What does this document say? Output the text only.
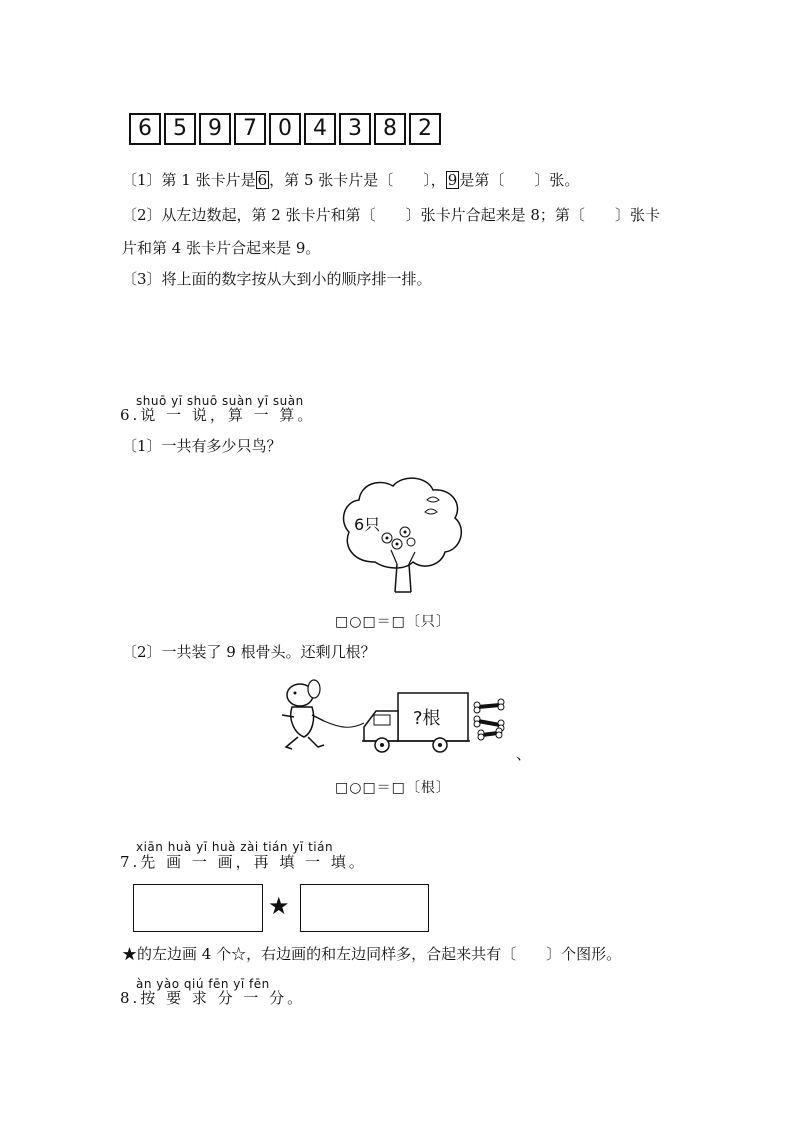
6 5 9 7 0 4 3 8 2
〔1〕第 1 张卡片是 6 ，第 5 张卡片是〔　　〕， 9 是第〔　　〕张。
〔2〕从左边数起，第 2 张卡片和第〔　　〕张卡片合起来是 8；第〔　　〕张卡
片和第 4 张卡片合起来是 9。
〔3〕将上面的数字按从大到小的顺序排一排。
shuō yī shuō suàn yī suàn
6.说 一 说，算 一 算。
〔1〕一共有多少只鸟？
6只
□○□＝□〔只〕
〔2〕一共装了 9 根骨头。还剩几根？
?根
、
□○□＝□〔根〕
xiān huà yī huà zài tián yī tián
7.先 画 一 画，再 填 一 填。
★
★的左边画 4 个☆，右边画的和左边同样多，合起来共有〔　　〕个图形。
àn yào qiú fēn yī fēn
8.按 要 求 分 一 分。
